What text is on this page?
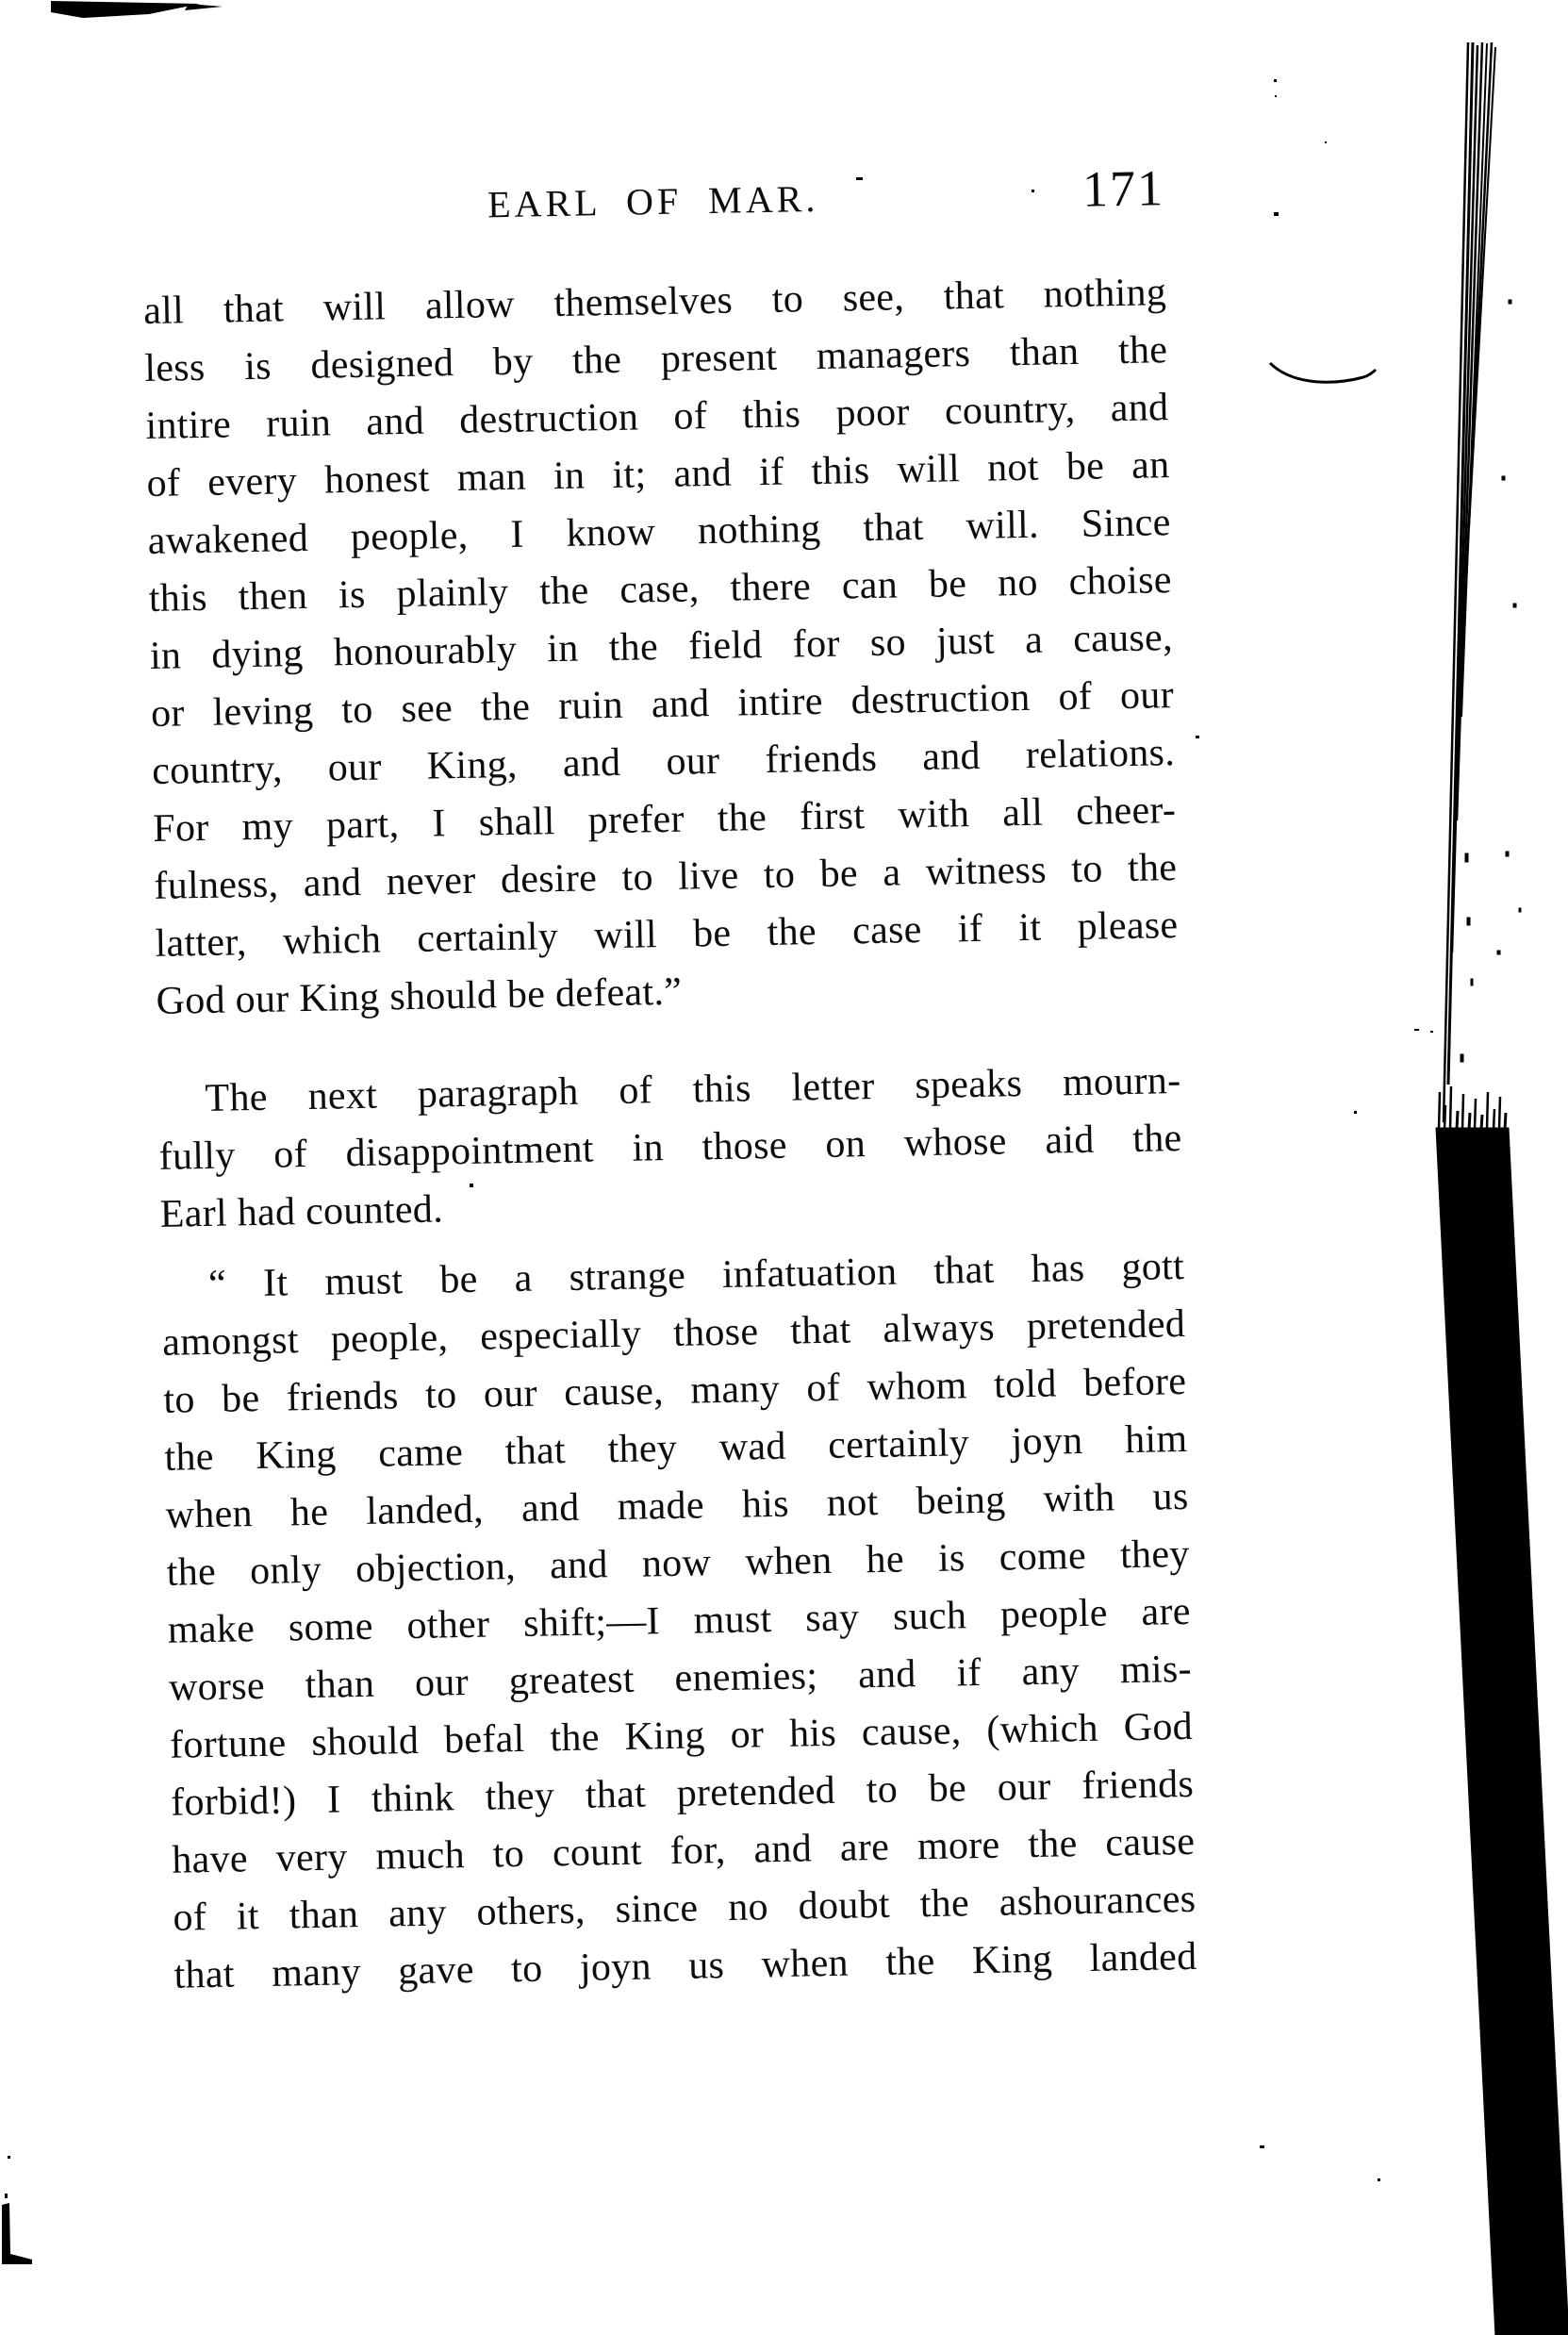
EARL OF MAR.	171
all that will allow themselves to see, that nothing
less is designed by the present managers than the
intire ruin and destruction of this poor country, and
of every honest man in it; and if this will not be an
awakened people, I know nothing that will. Since
this then is plainly the case, there can be no choise
in dying honourably in the field for so just a cause,
or leving to see the ruin and intire destruction of our
country, our King, and our friends and relations.
For my part, I shall prefer the first with all cheer-
fulness, and never desire to live to be a witness to the
latter, which certainly will be the case if it please
God our King should be defeat.”
The next paragraph of this letter speaks mourn-
fully of disappointment in those on whose aid the
Earl had counted.
“ It must be a strange infatuation that has gott
amongst people, especially those that always pretended
to be friends to our cause, many of whom told before
the King came that they wad certainly joyn him
when he landed, and made his not being with us
the only objection, and now when he is come they
make some other shift;—I must say such people are
worse than our greatest enemies; and if any mis-
fortune should befal the King or his cause, (which God
forbid!) I think they that pretended to be our friends
have very much to count for, and are more the cause
of it than any others, since no doubt the ashourances
that many gave to joyn us when the King landed
